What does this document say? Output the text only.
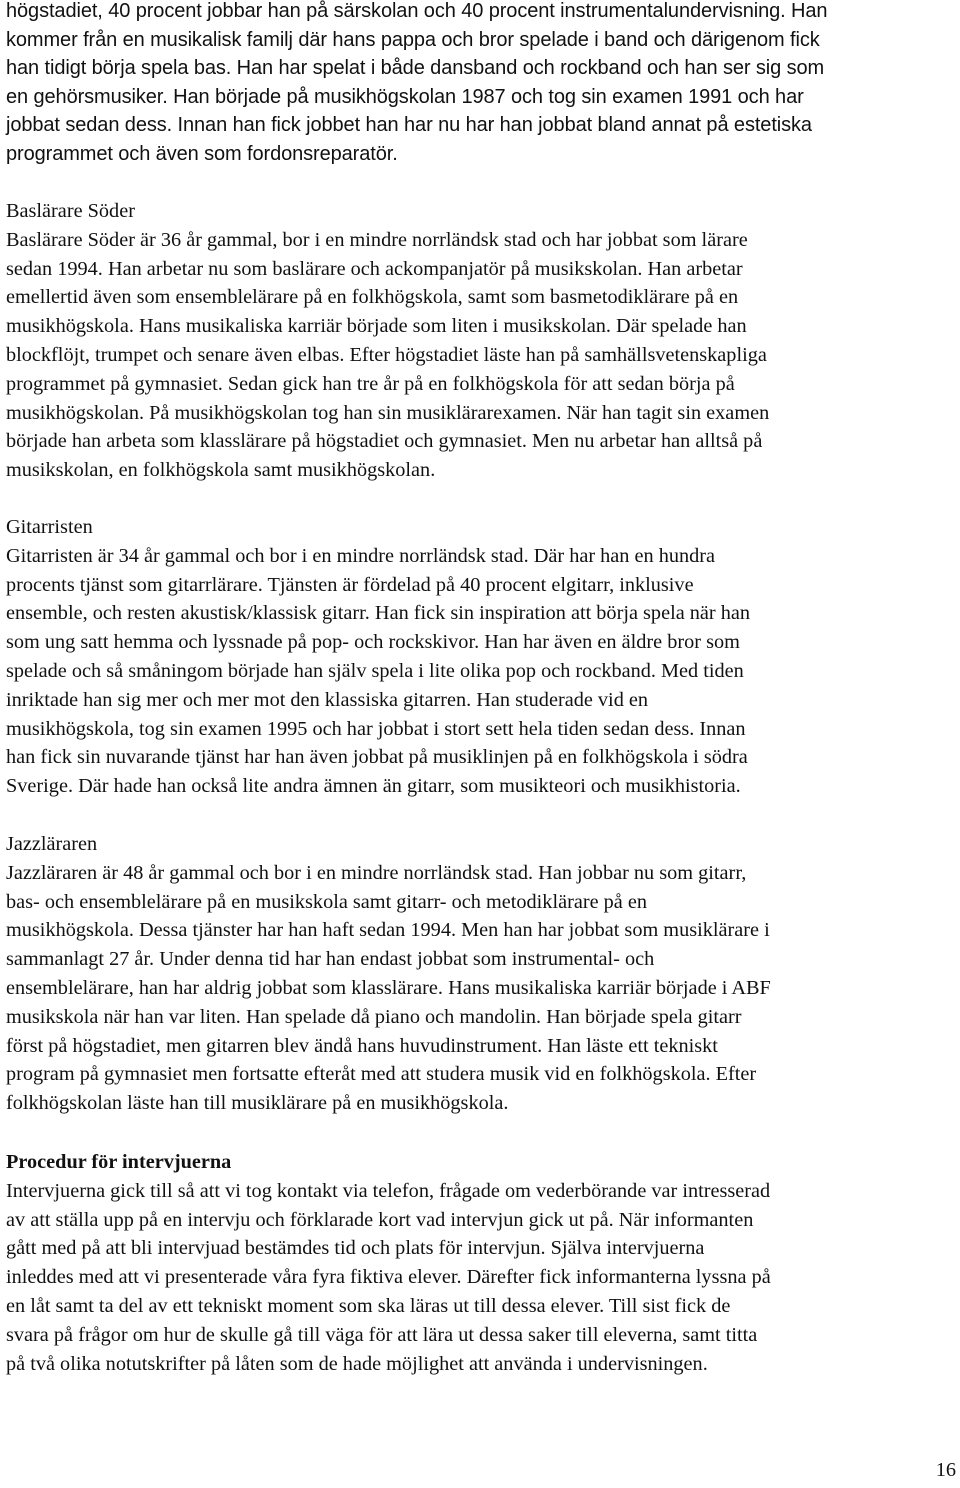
högstadiet, 40 procent jobbar han på särskolan och 40 procent instrumentalundervisning. Han
kommer från en musikalisk familj där hans pappa och bror spelade i band och därigenom fick
han tidigt börja spela bas. Han har spelat i både dansband och rockband och han ser sig som
en gehörsmusiker. Han började på musikhögskolan 1987 och tog sin examen 1991 och har
jobbat sedan dess. Innan han fick jobbet han har nu har han jobbat bland annat på estetiska
programmet och även som fordonsreparatör.
Baslärare Söder
Baslärare Söder är 36 år gammal, bor i en mindre norrländsk stad och har jobbat som lärare
sedan 1994. Han arbetar nu som baslärare och ackompanjatör på musikskolan. Han arbetar
emellertid även som ensemblelärare på en folkhögskola, samt som basmetodiklärare på en
musikhögskola. Hans musikaliska karriär började som liten i musikskolan. Där spelade han
blockflöjt, trumpet och senare även elbas. Efter högstadiet läste han på samhällsvetenskapliga
programmet på gymnasiet. Sedan gick han tre år på en folkhögskola för att sedan börja på
musikhögskolan. På musikhögskolan tog han sin musiklärarexamen. När han tagit sin examen
började han arbeta som klasslärare på högstadiet och gymnasiet. Men nu arbetar han alltså på
musikskolan, en folkhögskola samt musikhögskolan.
Gitarristen
Gitarristen är 34 år gammal och bor i en mindre norrländsk stad. Där har han en hundra
procents tjänst som gitarrlärare. Tjänsten är fördelad på 40 procent elgitarr, inklusive
ensemble, och resten akustisk/klassisk gitarr. Han fick sin inspiration att börja spela när han
som ung satt hemma och lyssnade på pop- och rockskivor. Han har även en äldre bror som
spelade och så småningom började han själv spela i lite olika pop och rockband. Med tiden
inriktade han sig mer och mer mot den klassiska gitarren. Han studerade vid en
musikhögskola, tog sin examen 1995 och har jobbat i stort sett hela tiden sedan dess. Innan
han fick sin nuvarande tjänst har han även jobbat på musiklinjen på en folkhögskola i södra
Sverige. Där hade han också lite andra ämnen än gitarr, som musikteori och musikhistoria.
Jazzläraren
Jazzläraren är 48 år gammal och bor i en mindre norrländsk stad. Han jobbar nu som gitarr,
bas- och ensemblelärare på en musikskola samt gitarr- och metodiklärare på en
musikhögskola. Dessa tjänster har han haft sedan 1994. Men han har jobbat som musiklärare i
sammanlagt 27 år. Under denna tid har han endast jobbat som instrumental- och
ensemblelärare, han har aldrig jobbat som klasslärare. Hans musikaliska karriär började i ABF
musikskola när han var liten. Han spelade då piano och mandolin. Han började spela gitarr
först på högstadiet, men gitarren blev ändå hans huvudinstrument. Han läste ett tekniskt
program på gymnasiet men fortsatte efteråt med att studera musik vid en folkhögskola. Efter
folkhögskolan läste han till musiklärare på en musikhögskola.
Procedur för intervjuerna
Intervjuerna gick till så att vi tog kontakt via telefon, frågade om vederbörande var intresserad
av att ställa upp på en intervju och förklarade kort vad intervjun gick ut på. När informanten
gått med på att bli intervjuad bestämdes tid och plats för intervjun. Själva intervjuerna
inleddes med att vi presenterade våra fyra fiktiva elever. Därefter fick informanterna lyssna på
en låt samt ta del av ett tekniskt moment som ska läras ut till dessa elever. Till sist fick de
svara på frågor om hur de skulle gå till väga för att lära ut dessa saker till eleverna, samt titta
på två olika notutskrifter på låten som de hade möjlighet att använda i undervisningen.
16
